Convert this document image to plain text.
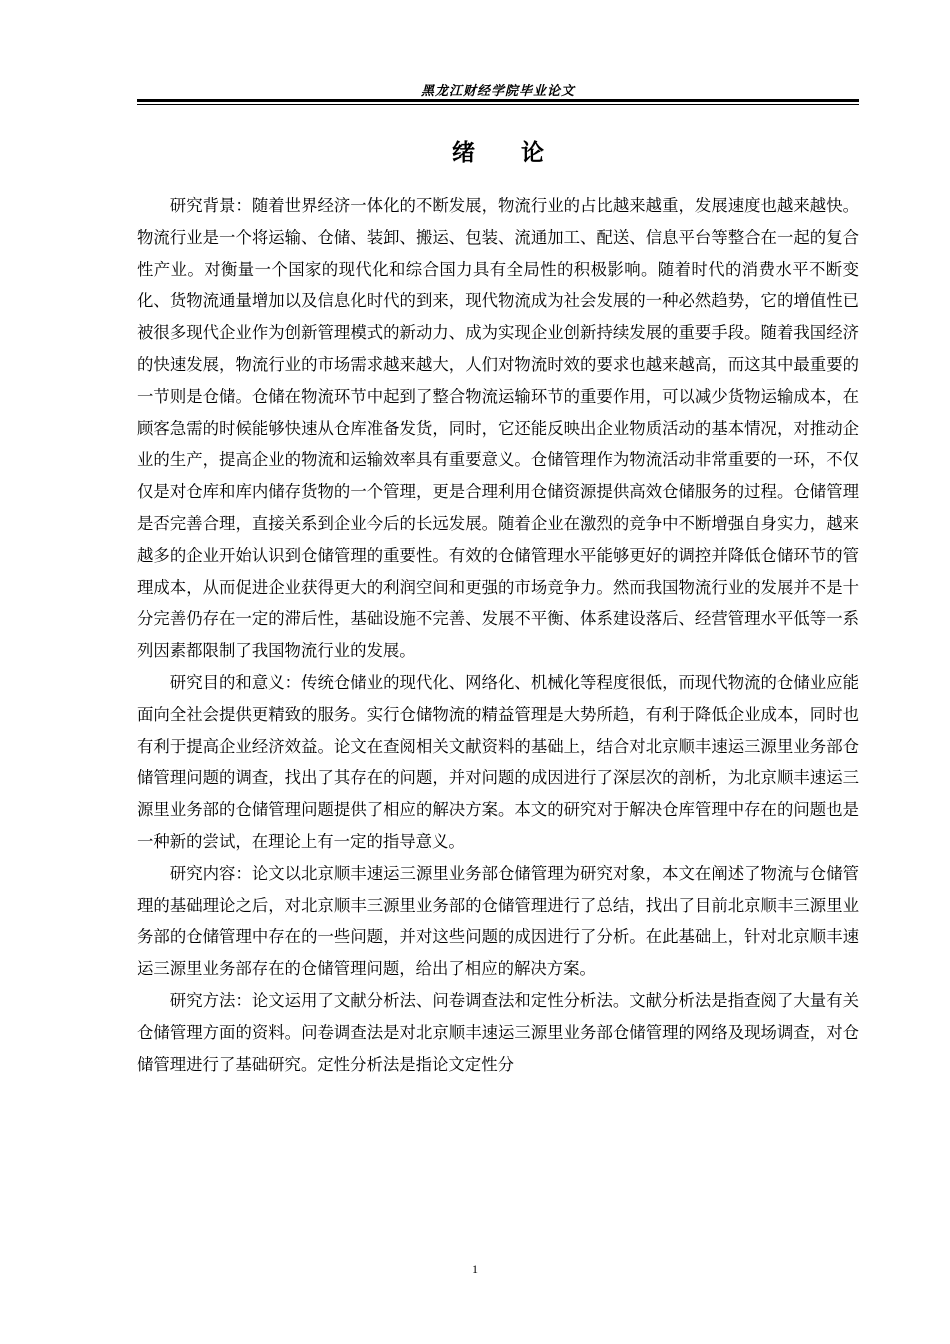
黑龙江财经学院毕业论文
绪　　论

研究背景：随着世界经济一体化的不断发展，物流行业的占比越来越重，发展速度也越来越快。物流行业是一个将运输、仓储、装卸、搬运、包装、流通加工、配送、信息平台等整合在一起的复合性产业。对衡量一个国家的现代化和综合国力具有全局性的积极影响。随着时代的消费水平不断变化、货物流通量增加以及信息化时代的到来，现代物流成为社会发展的一种必然趋势，它的增值性已被很多现代企业作为创新管理模式的新动力、成为实现企业创新持续发展的重要手段。随着我国经济的快速发展，物流行业的市场需求越来越大，人们对物流时效的要求也越来越高，而这其中最重要的一节则是仓储。仓储在物流环节中起到了整合物流运输环节的重要作用，可以减少货物运输成本，在顾客急需的时候能够快速从仓库准备发货，同时，它还能反映出企业物质活动的基本情况，对推动企业的生产，提高企业的物流和运输效率具有重要意义。仓储管理作为物流活动非常重要的一环，不仅仅是对仓库和库内储存货物的一个管理，更是合理利用仓储资源提供高效仓储服务的过程。仓储管理是否完善合理，直接关系到企业今后的长远发展。随着企业在激烈的竞争中不断增强自身实力，越来越多的企业开始认识到仓储管理的重要性。有效的仓储管理水平能够更好的调控并降低仓储环节的管理成本，从而促进企业获得更大的利润空间和更强的市场竞争力。然而我国物流行业的发展并不是十分完善仍存在一定的滞后性，基础设施不完善、发展不平衡、体系建设落后、经营管理水平低等一系列因素都限制了我国物流行业的发展。

研究目的和意义：传统仓储业的现代化、网络化、机械化等程度很低，而现代物流的仓储业应能面向全社会提供更精致的服务。实行仓储物流的精益管理是大势所趋，有利于降低企业成本，同时也有利于提高企业经济效益。论文在查阅相关文献资料的基础上，结合对北京顺丰速运三源里业务部仓储管理问题的调查，找出了其存在的问题，并对问题的成因进行了深层次的剖析，为北京顺丰速运三源里业务部的仓储管理问题提供了相应的解决方案。本文的研究对于解决仓库管理中存在的问题也是一种新的尝试，在理论上有一定的指导意义。

研究内容：论文以北京顺丰速运三源里业务部仓储管理为研究对象，本文在阐述了物流与仓储管理的基础理论之后，对北京顺丰三源里业务部的仓储管理进行了总结，找出了目前北京顺丰三源里业务部的仓储管理中存在的一些问题，并对这些问题的成因进行了分析。在此基础上，针对北京顺丰速运三源里业务部存在的仓储管理问题，给出了相应的解决方案。

研究方法：论文运用了文献分析法、问卷调查法和定性分析法。文献分析法是指查阅了大量有关仓储管理方面的资料。问卷调查法是对北京顺丰速运三源里业务部仓储管理的网络及现场调查，对仓储管理进行了基础研究。定性分析法是指论文定性分

1
